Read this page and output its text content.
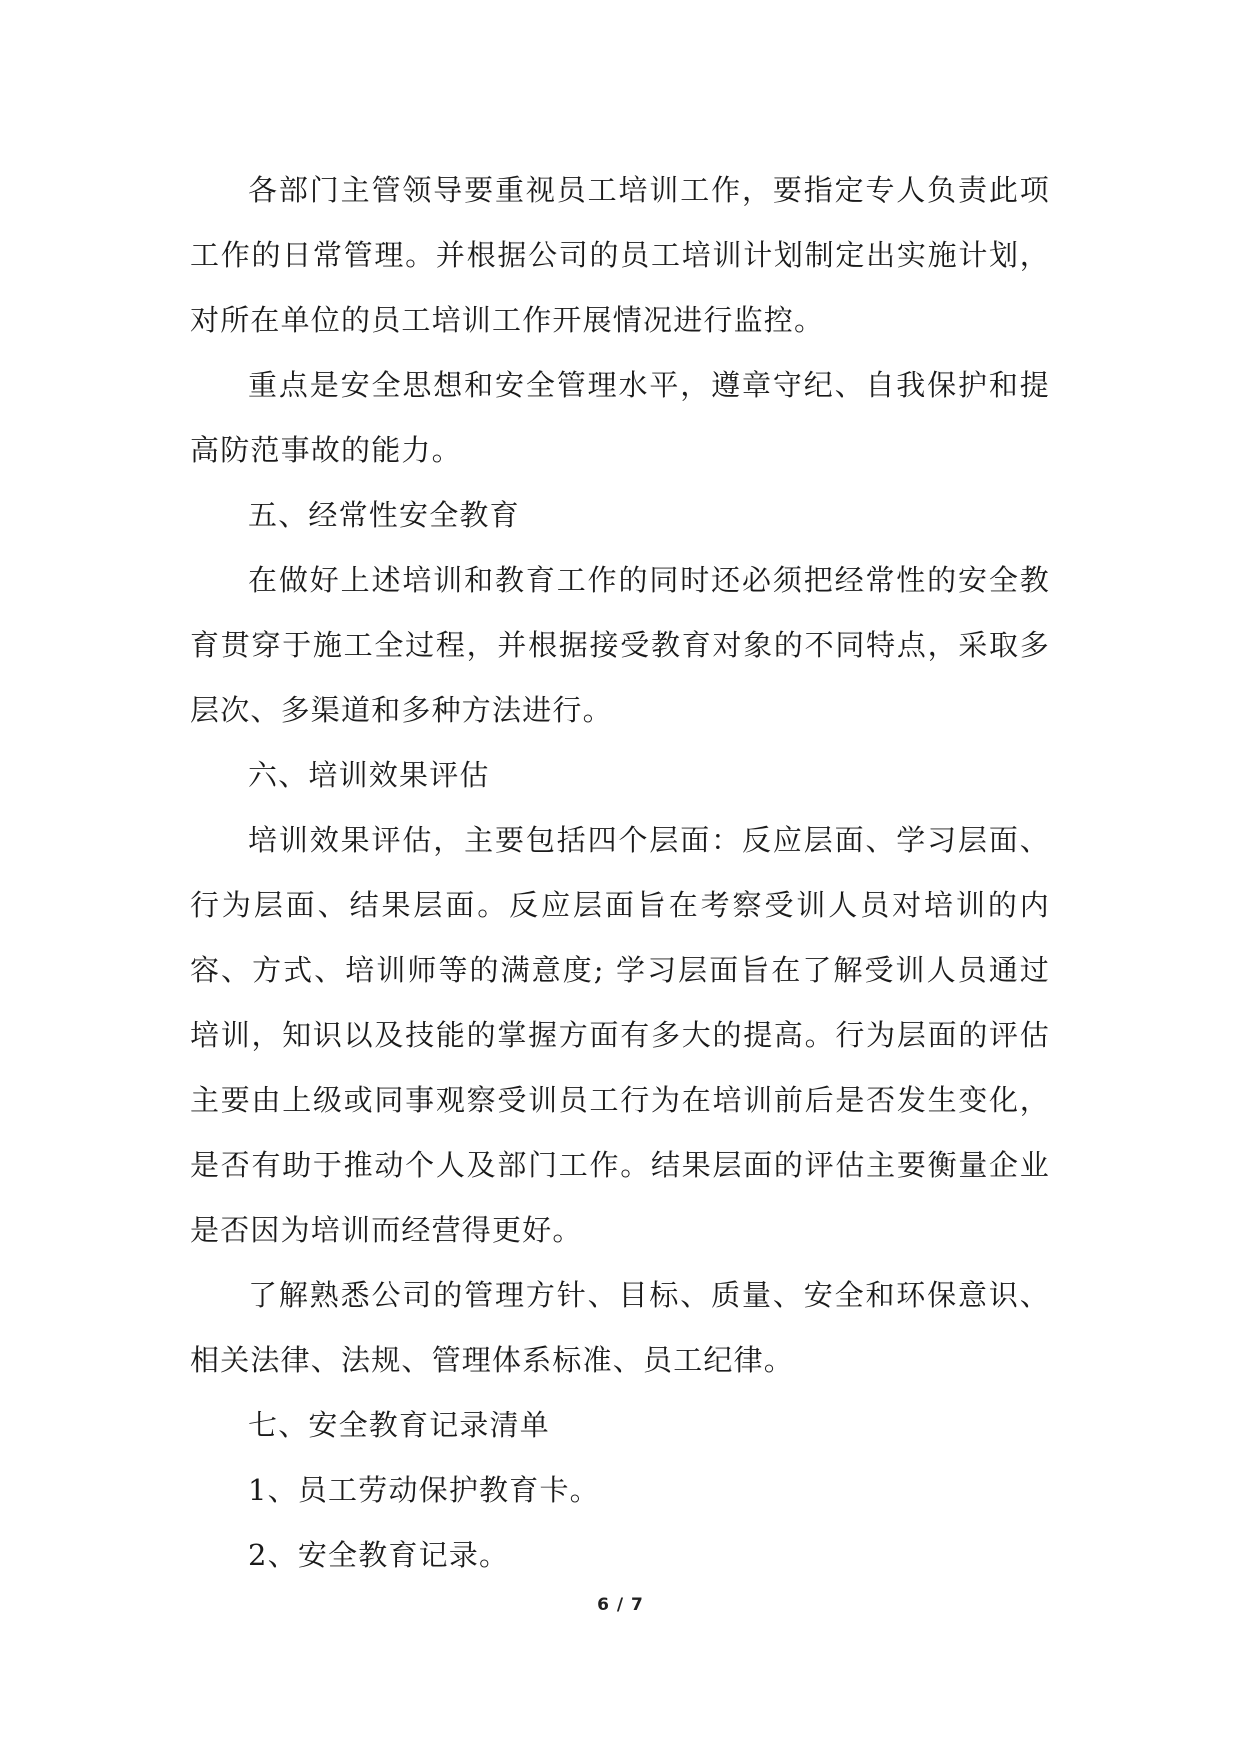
各部门主管领导要重视员工培训工作，要指定专人负责此项工作的日常管理。并根据公司的员工培训计划制定出实施计划，对所在单位的员工培训工作开展情况进行监控。

重点是安全思想和安全管理水平，遵章守纪、自我保护和提高防范事故的能力。

五、经常性安全教育

在做好上述培训和教育工作的同时还必须把经常性的安全教育贯穿于施工全过程，并根据接受教育对象的不同特点，采取多层次、多渠道和多种方法进行。

六、培训效果评估

培训效果评估，主要包括四个层面：反应层面、学习层面、行为层面、结果层面。反应层面旨在考察受训人员对培训的内容、方式、培训师等的满意度; 学习层面旨在了解受训人员通过培训，知识以及技能的掌握方面有多大的提高。行为层面的评估主要由上级或同事观察受训员工行为在培训前后是否发生变化，是否有助于推动个人及部门工作。结果层面的评估主要衡量企业是否因为培训而经营得更好。

了解熟悉公司的管理方针、目标、质量、安全和环保意识、相关法律、法规、管理体系标准、员工纪律。

七、安全教育记录清单

1、员工劳动保护教育卡。

2、安全教育记录。

6 / 7
